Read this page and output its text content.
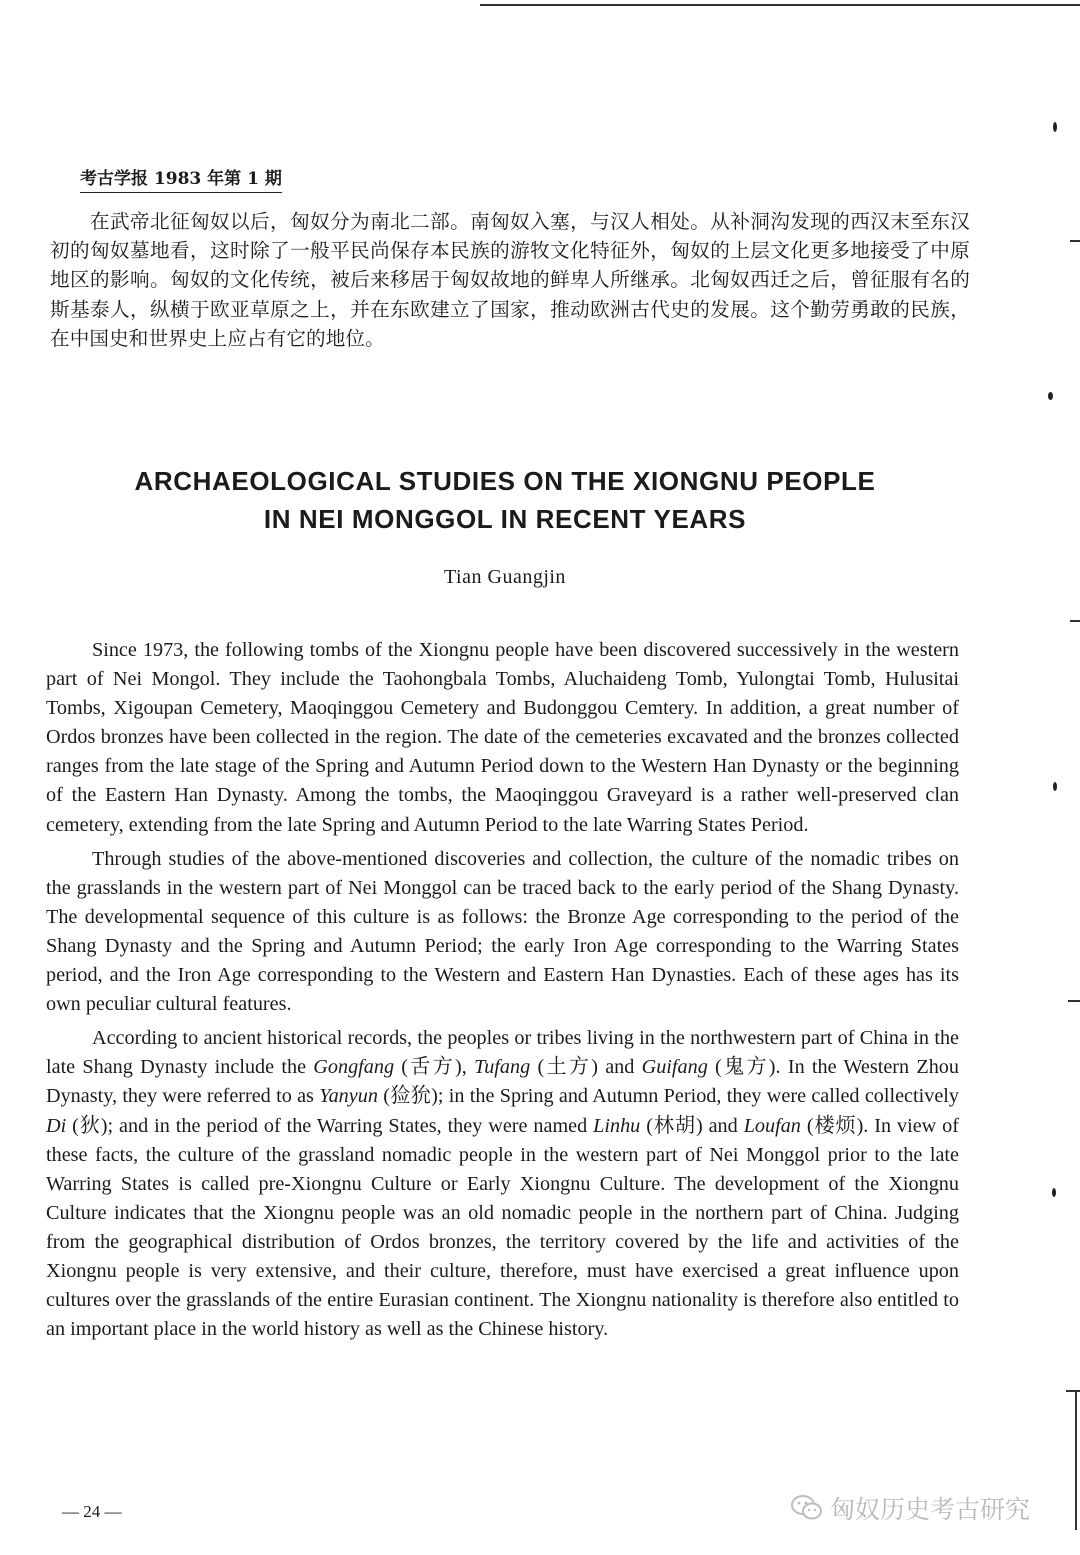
考古学报 1983 年第 1 期
在武帝北征匈奴以后，匈奴分为南北二部。南匈奴入塞，与汉人相处。从补洞沟发现的西汉末至东汉初的匈奴墓地看，这时除了一般平民尚保存本民族的游牧文化特征外，匈奴的上层文化更多地接受了中原地区的影响。匈奴的文化传统，被后来移居于匈奴故地的鲜卑人所继承。北匈奴西迁之后，曾征服有名的斯基泰人，纵横于欧亚草原之上，并在东欧建立了国家，推动欧洲古代史的发展。这个勤劳勇敢的民族，在中国史和世界史上应占有它的地位。
ARCHAEOLOGICAL STUDIES ON THE XIONGNU PEOPLE
IN NEI MONGGOL IN RECENT YEARS
Tian Guangjin

Since 1973, the following tombs of the Xiongnu people have been discovered successively in the western part of Nei Mongol. They include the Taohongbala Tombs, Aluchaideng Tomb, Yulongtai Tomb, Hulusitai Tombs, Xigoupan Cemetery, Maoqinggou Cemetery and Budonggou Cemtery. In addition, a great number of Ordos bronzes have been collected in the region. The date of the cemeteries excavated and the bronzes collected ranges from the late stage of the Spring and Autumn Period down to the Western Han Dynasty or the beginning of the Eastern Han Dynasty. Among the tombs, the Maoqinggou Graveyard is a rather well-preserved clan cemetery, extending from the late Spring and Autumn Period to the late Warring States Period.

Through studies of the above-mentioned discoveries and collection, the culture of the nomadic tribes on the grasslands in the western part of Nei Monggol can be traced back to the early period of the Shang Dynasty. The developmental sequence of this culture is as follows: the Bronze Age corresponding to the period of the Shang Dynasty and the Spring and Autumn Period; the early Iron Age corresponding to the Warring States period, and the Iron Age corresponding to the Western and Eastern Han Dynasties. Each of these ages has its own peculiar cultural features.

According to ancient historical records, the peoples or tribes living in the northwestern part of China in the late Shang Dynasty include the Gongfang (舌方), Tufang (土方) and Guifang (鬼方). In the Western Zhou Dynasty, they were referred to as Yanyun (猃狁); in the Spring and Autumn Period, they were called collectively Di (狄); and in the period of the Warring States, they were named Linhu (林胡) and Loufan (楼烦). In view of these facts, the culture of the grassland nomadic people in the western part of Nei Monggol prior to the late Warring States is called pre-Xiongnu Culture or Early Xiongnu Culture. The development of the Xiongnu Culture indicates that the Xiongnu people was an old nomadic people in the northern part of China. Judging from the geographical distribution of Ordos bronzes, the territory covered by the life and activities of the Xiongnu people is very extensive, and their culture, therefore, must have exercised a great influence upon cultures over the grasslands of the entire Eurasian continent. The Xiongnu nationality is therefore also entitled to an important place in the world history as well as the Chinese history.

— 24 —	匈奴历史考古研究
